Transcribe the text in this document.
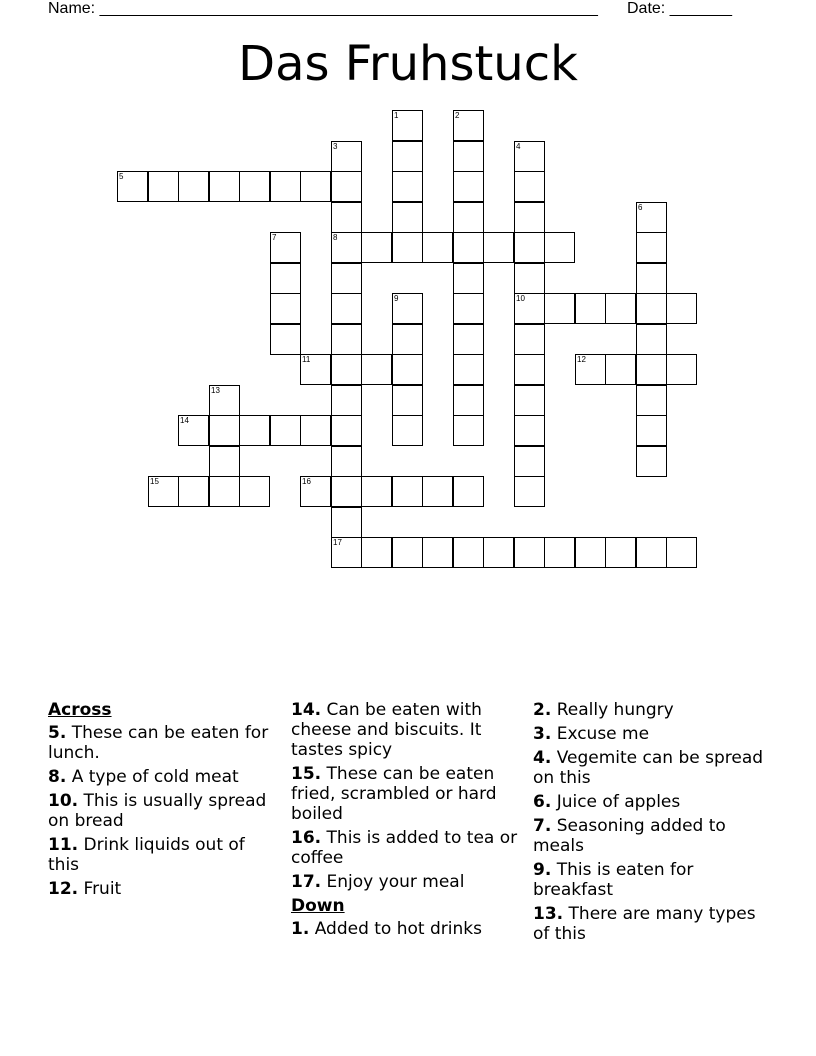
Name: ________________________________________________________ Date: _______
Das Fruhstuck
1	2
3	4
5
6
7	8
9	10
11	12
13
14
15	16
17
Across
5. These can be eaten for lunch.
8. A type of cold meat
10. This is usually spread on bread
11. Drink liquids out of this
12. Fruit
14. Can be eaten with cheese and biscuits. It tastes spicy
15. These can be eaten fried, scrambled or hard boiled
16. This is added to tea or coffee
17. Enjoy your meal
Down
1. Added to hot drinks
2. Really hungry
3. Excuse me
4. Vegemite can be spread on this
6. Juice of apples
7. Seasoning added to meals
9. This is eaten for breakfast
13. There are many types of this
